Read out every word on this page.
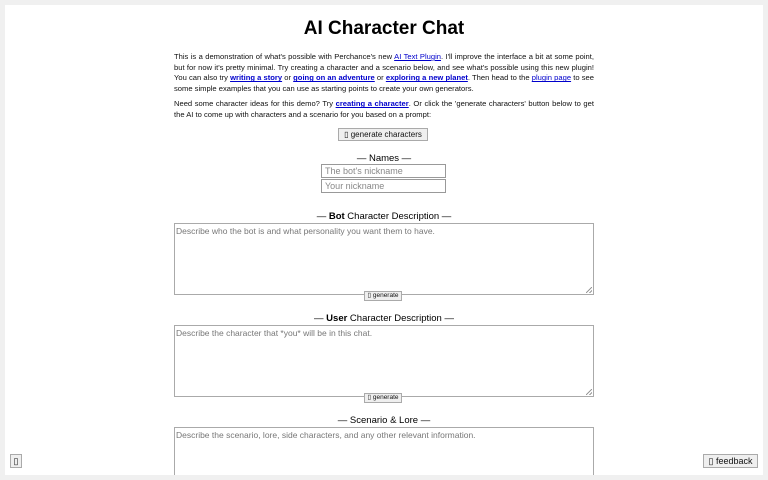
AI Character Chat

This is a demonstration of what's possible with Perchance's new AI Text Plugin. I'll improve the interface a bit at some point, but for now it's pretty minimal. Try creating a character and a scenario below, and see what's possible using this new plugin! You can also try writing a story or going on an adventure or exploring a new planet. Then head to the plugin page to see some simple examples that you can use as starting points to create your own generators.

Need some character ideas for this demo? Try creating a character. Or click the 'generate characters' button below to get the AI to come up with characters and a scenario for you based on a prompt:

▯ generate characters
— Names —
The bot's nickname
Your nickname
— Bot Character Description —
Describe who the bot is and what personality you want them to have.
▯ generate
— User Character Description —
Describe the character that *you* will be in this chat.
▯ generate
— Scenario & Lore —
Describe the scenario, lore, side characters, and any other relevant information.
▯	▯ feedback
